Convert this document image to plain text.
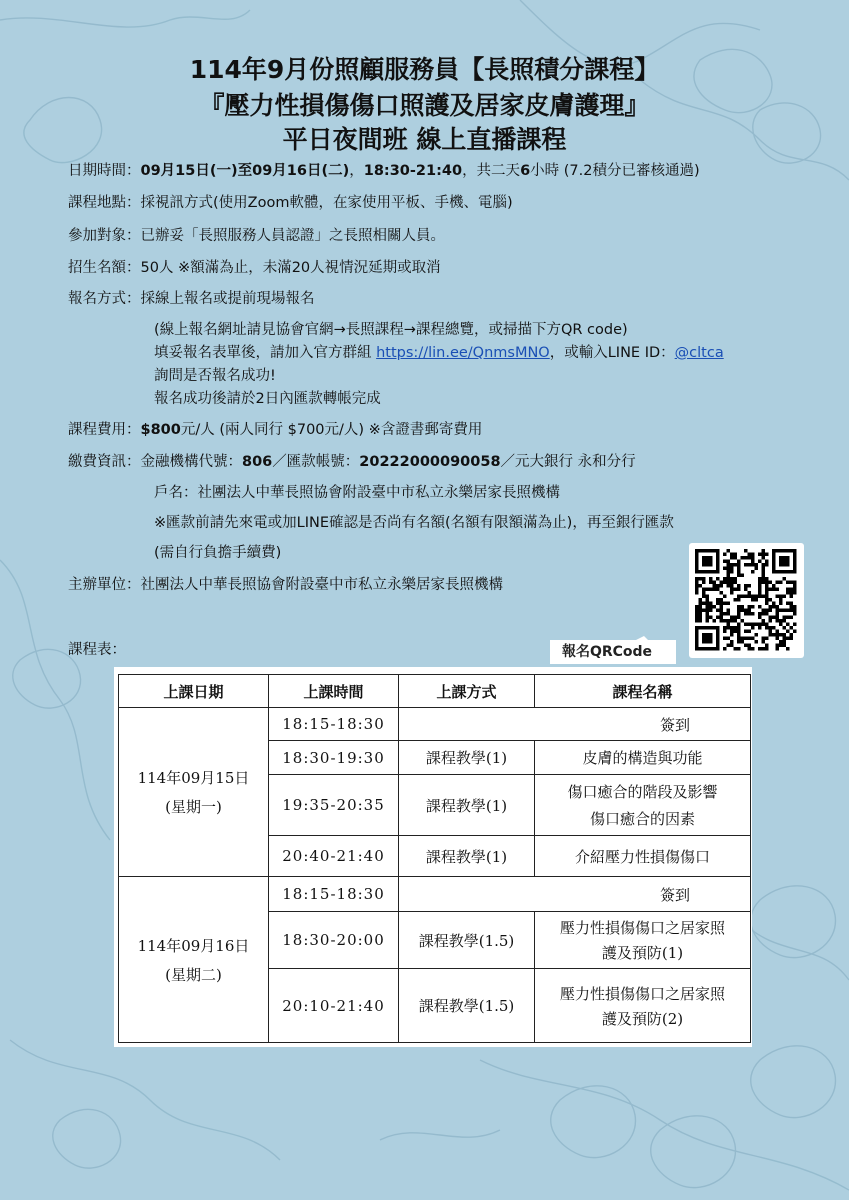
114年9月份照顧服務員【長照積分課程】
『壓力性損傷傷口照護及居家皮膚護理』
平日夜間班 線上直播課程
日期時間：09月15日(一)至09月16日(二)，18:30-21:40，共二天6小時 (7.2積分已審核通過)
課程地點：採視訊方式(使用Zoom軟體，在家使用平板、手機、電腦)
參加對象：已辦妥「長照服務人員認證」之長照相關人員。
招生名額：50人 ※額滿為止，未滿20人視情況延期或取消
報名方式：採線上報名或提前現場報名
(線上報名網址請見協會官網→長照課程→課程總覽，或掃描下方QR code)
填妥報名表單後，請加入官方群組 https://lin.ee/QnmsMNO，或輸入LINE ID：@cltca
詢問是否報名成功!
報名成功後請於2日內匯款轉帳完成
課程費用：$800元/人 (兩人同行 $700元/人) ※含證書郵寄費用
繳費資訊：金融機構代號：806／匯款帳號：20222000090058／元大銀行 永和分行
戶名：社團法人中華長照協會附設臺中市私立永樂居家長照機構
※匯款前請先來電或加LINE確認是否尚有名額(名額有限額滿為止)，再至銀行匯款
(需自行負擔手續費)
主辦單位：社團法人中華長照協會附設臺中市私立永樂居家長照機構
報名QRCode
課程表：
上課日期	上課時間	上課方式	課程名稱

114年09月15日
(星期一)	18:15-18:30	簽到	
	18:30-19:30	課程教學(1)	皮膚的構造與功能
	19:35-20:35	課程教學(1)	傷口癒合的階段及影響
傷口癒合的因素

	20:40-21:40	課程教學(1)	介紹壓力性損傷傷口

114年09月16日
(星期二)	18:15-18:30	簽到	
	18:30-20:00	課程教學(1.5)	壓力性損傷傷口之居家照
護及預防(1)

	20:10-21:40	課程教學(1.5)	壓力性損傷傷口之居家照
護及預防(2)
